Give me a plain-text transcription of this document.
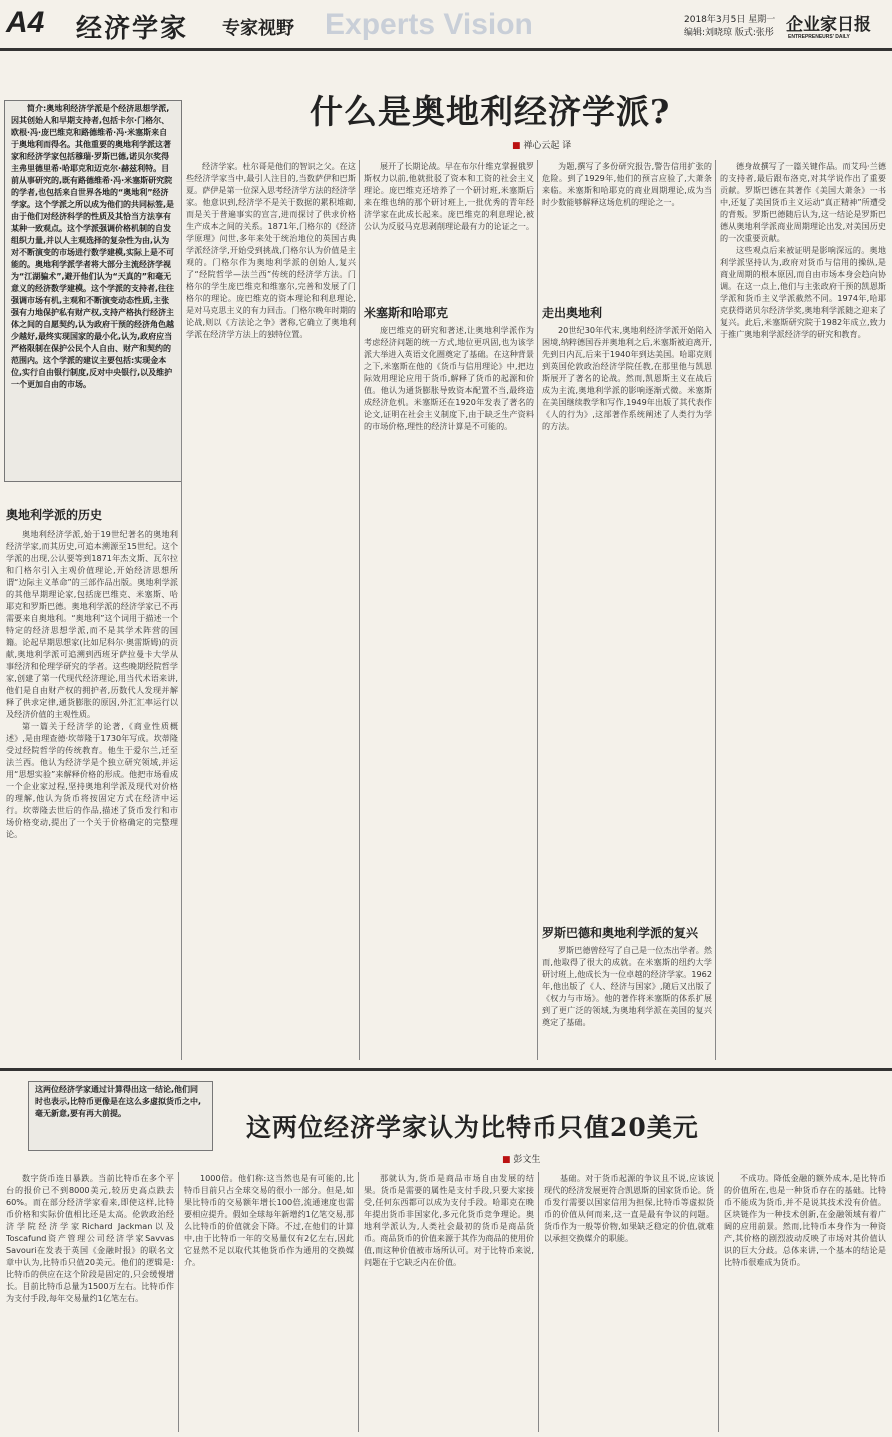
A4 经济学家 专家视野 Experts Vision	2018年3月5日 星期一
编辑:刘晓琼 版式:张彤 企业家日报
ENTREPRENEURS' DAILY

简介:奥地利经济学派是个经济思想学派,因其创始人和早期支持者,包括卡尔·门格尔、欧根·冯·庞巴维克和路德维希·冯·米塞斯来自于奥地利而得名。其他重要的奥地利学派这著家和经济学家包括穆瑞·罗斯巴德,诺贝尔奖得主弗里德里希·哈耶克和迈克尔·赫兹利特。目前从事研究的,既有路德维希·冯·米塞斯研究院的学者,也包括来自世界各地的“奥地利”经济学家。这个学派之所以成为他们的共同标签,是由于他们对经济科学的性质及其恰当方法享有某种一致观点。这个学派强调价格机制的自发组织力量,并以人主观选择的复杂性为由,认为对不断演变的市场进行数学建模,实际上是不可能的。奥地利学派学者将大部分主流经济学视为“江湖骗术”,避开他们认为“天真的”和毫无意义的经济数学建模。这个学派的支持者,往往强调市场有机,主观和不断演变动态性质,主张强有力地保护私有财产权,支持产格执行经济主体之间的自愿契约,认为政府干预的经济角色越少越好,最终实现国家的最小化,认为,政府应当严格限制在保护公民个人自由、财产和契约的范围内。这个学派的建议主要包括:实现金本位,实行自由银行制度,反对中央银行,以及维护一个更加自由的市场。

什么是奥地利经济学派?
■ 禅心云起 译
奥地利学派的历史

奥地利经济学派,始于19世纪著名的奥地利经济学家,而其历史,可追本溯源至15世纪。这个学派的出现,公认要等到1871年杰文斯、瓦尔拉和门格尔引入主观价值理论,开始经济思想所谓“边际主义革命”的三部作品出版。奥地利学派的其他早期理论家,包括庞巴维克、米塞斯、哈耶克和罗斯巴德。奥地利学派的经济学家已不再需要来自奥地利。“奥地利”这个词用于描述一个特定的经济思想学派,而不是其学术阵营的国籍。论起早期思想家(比如尼科尔·奥雷斯姆)的贡献,奥地利学派可追溯到西班牙萨拉曼卡大学从事经济和伦理学研究的学者。这些晚期经院哲学家,创建了第一代现代经济理论,用当代术语来讲,他们是自由财产权的拥护者,历数代人发现并解释了供求定律,通货膨胀的原因,外汇汇率运行以及经济价值的主观性质。

第一篇关于经济学的论著,《商业性质概述》,是由理查德·坎蒂隆于1730年写成。坎蒂隆受过经院哲学的传统教育。他生于爱尔兰,迁至法兰西。他认为经济学是个独立研究领域,并运用“思想实验”来解释价格的形成。他把市场看成一个企业家过程,坚持奥地利学派及现代对价格的理解,他认为货币将按固定方式在经济中运行。坎蒂隆去世后的作品,描述了货币发行和市场价格变动,提出了一个关于价格确定的完整理论。

经济学家。杜尔哥是他们的智识之父。在这些经济学家当中,最引人注目的,当数萨伊和巴斯夏。萨伊是第一位深入思考经济学方法的经济学家。他意识到,经济学不是关于数据的累积堆砌,而是关于普遍事实的宣言,进而探讨了供求价格生产成本之间的关系。1871年,门格尔的《经济学原理》问世,多年来处于统治地位的英国古典学派经济学,开始受到挑战,门格尔认为价值是主观的。门格尔作为奥地利学派的创始人,复兴了“经院哲学—法兰西”传统的经济学方法。门格尔的学生庞巴维克和维塞尔,完善和发展了门格尔的理论。庞巴维克的资本理论和利息理论,是对马克思主义的有力回击。门格尔晚年时期的论战,则以《方法论之争》著称,它确立了奥地利学派在经济学方法上的独特位置。

展开了长期论战。早在布尔什维克掌握俄罗斯权力以前,他就批驳了资本和工资的社会主义理论。庞巴维克还培养了一个研讨班,米塞斯后来在维也纳的那个研讨班上,一批优秀的青年经济学家在此成长起来。庞巴维克的利息理论,被公认为反驳马克思剥削理论最有力的论证之一。

米塞斯和哈耶克

庞巴维克的研究和著述,让奥地利学派作为考虑经济问题的统一方式,地位更巩固,也为该学派大举进入英语文化圈奠定了基础。在这种背景之下,米塞斯在他的《货币与信用理论》中,把边际效用理论应用于货币,解释了货币的起源和价值。他认为通货膨胀导致资本配置不当,最终造成经济危机。米塞斯还在1920年发表了著名的论文,证明在社会主义制度下,由于缺乏生产资料的市场价格,理性的经济计算是不可能的。

为题,撰写了多份研究报告,警告信用扩张的危险。到了1929年,他们的预言应验了,大萧条来临。米塞斯和哈耶克的商业周期理论,成为当时少数能够解释这场危机的理论之一。

走出奥地利

20世纪30年代末,奥地利经济学派开始陷入困境,纳粹德国吞并奥地利之后,米塞斯被迫离开,先到日内瓦,后来于1940年到达美国。哈耶克则到英国伦敦政治经济学院任教,在那里他与凯恩斯展开了著名的论战。然而,凯恩斯主义在战后成为主流,奥地利学派的影响逐渐式微。米塞斯在美国继续教学和写作,1949年出版了其代表作《人的行为》,这部著作系统阐述了人类行为学的方法。

罗斯巴德和奥地利学派的复兴

罗斯巴德曾经写了自己是一位杰出学者。然而,他取得了很大的成就。在米塞斯的纽约大学研讨班上,他成长为一位卓越的经济学家。1962年,他出版了《人、经济与国家》,随后又出版了《权力与市场》。他的著作将米塞斯的体系扩展到了更广泛的领域,为奥地利学派在美国的复兴奠定了基础。

德身故撰写了一篇关键作品。而艾玛·兰德的支持者,最后跟布洛克,对其学说作出了重要贡献。罗斯巴德在其著作《美国大萧条》一书中,还复了美国货币主义运动“真正精神”所遭受的背叛。罗斯巴德随后认为,这一结论是罗斯巴德从奥地利学派商业周期理论出发,对美国历史的一次重要贡献。

这些观点后来被证明是影响深远的。奥地利学派坚持认为,政府对货币与信用的操纵,是商业周期的根本原因,而自由市场本身会趋向协调。在这一点上,他们与主张政府干预的凯恩斯学派和货币主义学派截然不同。1974年,哈耶克获得诺贝尔经济学奖,奥地利学派随之迎来了复兴。此后,米塞斯研究院于1982年成立,致力于推广奥地利学派经济学的研究和教育。

这两位经济学家通过计算得出这一结论,他们同时也表示,比特币更像是在这么多虚拟货币之中,毫无新意,要有再大前提。	这两位经济学家认为比特币只值20美元
■ 彭文生

数字货币连日暴跌。当前比特币在多个平台的报价已不到8000美元,较历史高点跌去60%。而在部分经济学家看来,即使这样,比特币价格和实际价值相比还是太高。伦敦政治经济学院经济学家Richard Jackman以及Toscafund资产管理公司经济学家Savvas Savouri在发表于英国《金融时报》的联名文章中认为,比特币只值20美元。他们的逻辑是:比特币的供应在这个阶段是固定的,只会缓慢增长。目前比特币总量为1500万左右。比特币作为支付手段,每年交易量约1亿笔左右。

1000倍。他们称:这当然也是有可能的,比特币目前只占全球交易的很小一部分。但是,如果比特币的交易额年增长100倍,流通速度也需要相应提升。假如全球每年新增约1亿笔交易,那么比特币的价值就会下降。不过,在他们的计算中,由于比特币一年的交易量仅有2亿左右,因此它显然不足以取代其他货币作为通用的交换媒介。

那就认为,货币是商品市场自由发展的结果。货币是需要的属性是支付手段,只要大家接受,任何东西都可以成为支付手段。哈耶克在晚年提出货币非国家化,多元化货币竞争理论。奥地利学派认为,人类社会最初的货币是商品货币。商品货币的价值来源于其作为商品的使用价值,而这种价值被市场所认可。对于比特币来说,问题在于它缺乏内在价值。

基础。对于货币起源的争议且不说,应该说现代的经济发展更符合凯恩斯的国家货币论。货币发行需要以国家信用为担保,比特币等虚拟货币的价值从何而来,这一直是最有争议的问题。货币作为一般等价物,如果缺乏稳定的价值,就难以承担交换媒介的职能。

不成功。降低金融的额外成本,是比特币的价值所在,也是一种货币存在的基础。比特币不能成为货币,并不是说其技术没有价值。区块链作为一种技术创新,在金融领域有着广阔的应用前景。然而,比特币本身作为一种资产,其价格的剧烈波动反映了市场对其价值认识的巨大分歧。总体来讲,一个基本的结论是比特币很难成为货币。
